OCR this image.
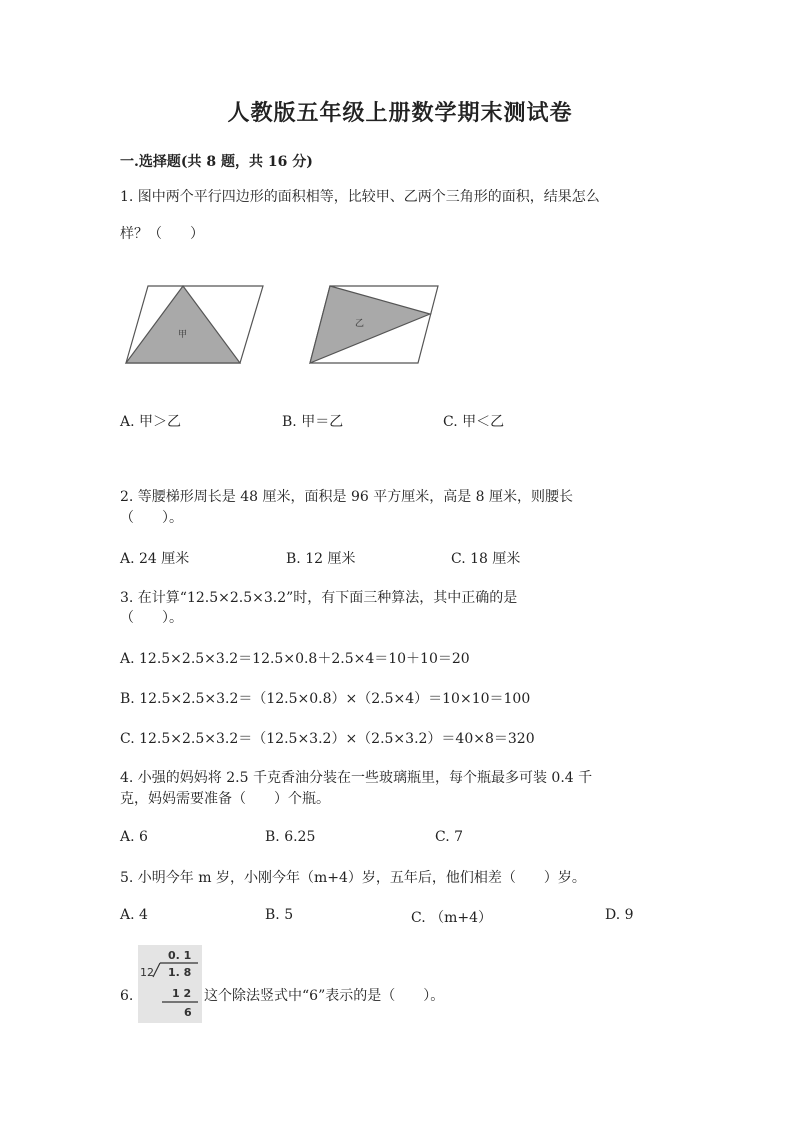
人教版五年级上册数学期末测试卷
一.选择题(共 8 题，共 16 分)
1. 图中两个平行四边形的面积相等，比较甲、乙两个三角形的面积，结果怎么
样？（　　）
甲
乙
A. 甲＞乙	B. 甲＝乙	C. 甲＜乙
2. 等腰梯形周长是 48 厘米，面积是 96 平方厘米，高是 8 厘米，则腰长
（　　）。
A. 24 厘米	B. 12 厘米	C. 18 厘米
3. 在计算“12.5×2.5×3.2”时，有下面三种算法，其中正确的是
（　　）。
A. 12.5×2.5×3.2＝12.5×0.8＋2.5×4＝10＋10＝20
B. 12.5×2.5×3.2＝（12.5×0.8）×（2.5×4）＝10×10＝100
C. 12.5×2.5×3.2＝（12.5×3.2）×（2.5×3.2）＝40×8＝320
4. 小强的妈妈将 2.5 千克香油分装在一些玻璃瓶里，每个瓶最多可装 0.4 千
克，妈妈需要准备（　　）个瓶。
A. 6	B. 6.25	C. 7
5. 小明今年 m 岁，小刚今年（m+4）岁，五年后，他们相差（　　）岁。
A. 4	B. 5	C. （m+4）	D. 9
6.
0. 1
12 1. 8
1 2
6
这个除法竖式中“6”表示的是（　　）。
